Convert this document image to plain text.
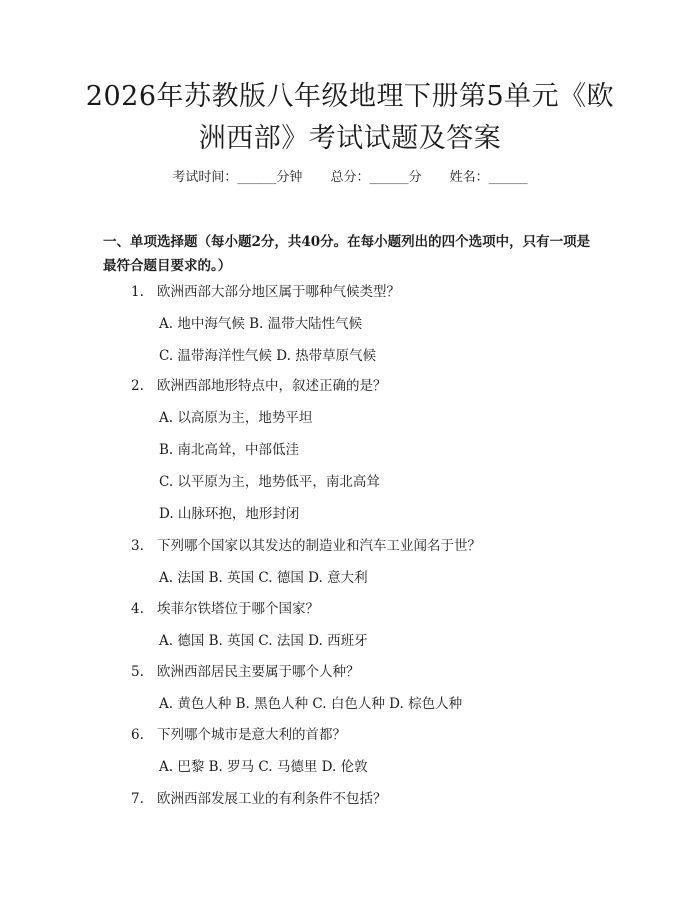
2026年苏教版八年级地理下册第5单元《欧
洲西部》考试试题及答案
考试时间：______分钟 总分：______分 姓名：______

一、单项选择题（每小题2分，共40分。在每小题列出的四个选项中，只有一项是最符合题目要求的。）

1. 欧洲西部大部分地区属于哪种气候类型？
A. 地中海气候 B. 温带大陆性气候
C. 温带海洋性气候 D. 热带草原气候
2. 欧洲西部地形特点中，叙述正确的是？
A. 以高原为主，地势平坦
B. 南北高耸，中部低洼
C. 以平原为主，地势低平，南北高耸
D. 山脉环抱，地形封闭
3. 下列哪个国家以其发达的制造业和汽车工业闻名于世？
A. 法国 B. 英国 C. 德国 D. 意大利
4. 埃菲尔铁塔位于哪个国家？
A. 德国 B. 英国 C. 法国 D. 西班牙
5. 欧洲西部居民主要属于哪个人种？
A. 黄色人种 B. 黑色人种 C. 白色人种 D. 棕色人种
6. 下列哪个城市是意大利的首都？
A. 巴黎 B. 罗马 C. 马德里 D. 伦敦
7. 欧洲西部发展工业的有利条件不包括？
